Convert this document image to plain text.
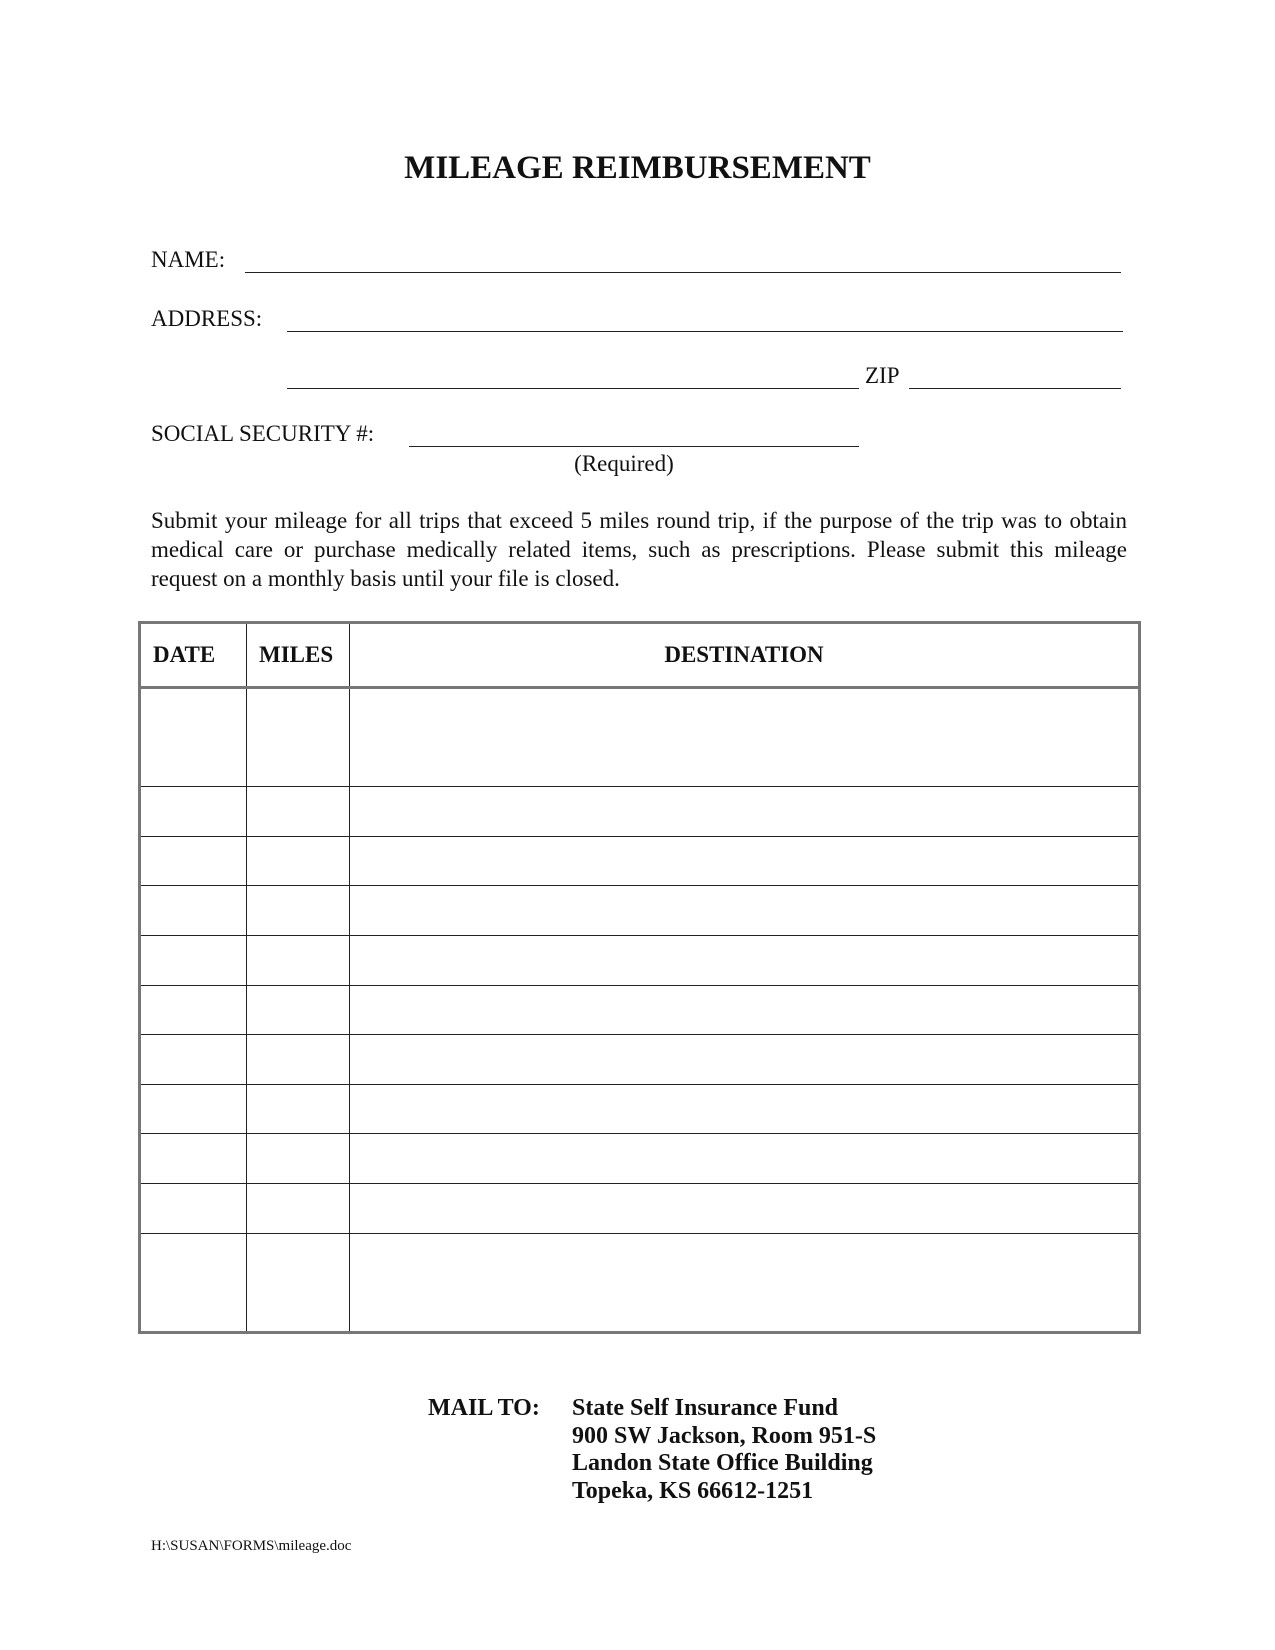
MILEAGE REIMBURSEMENT
NAME:
ADDRESS:
ZIP
SOCIAL SECURITY #:
(Required)
Submit your mileage for all trips that exceed 5 miles round trip, if the purpose of the trip was to obtain medical care or purchase medically related items, such as prescriptions. Please submit this mileage request on a monthly basis until your file is closed.
DATE	MILES	DESTINATION

MAIL TO: State Self Insurance Fund
900 SW Jackson, Room 951-S
Landon State Office Building
Topeka, KS 66612-1251
H:\SUSAN\FORMS\mileage.doc
